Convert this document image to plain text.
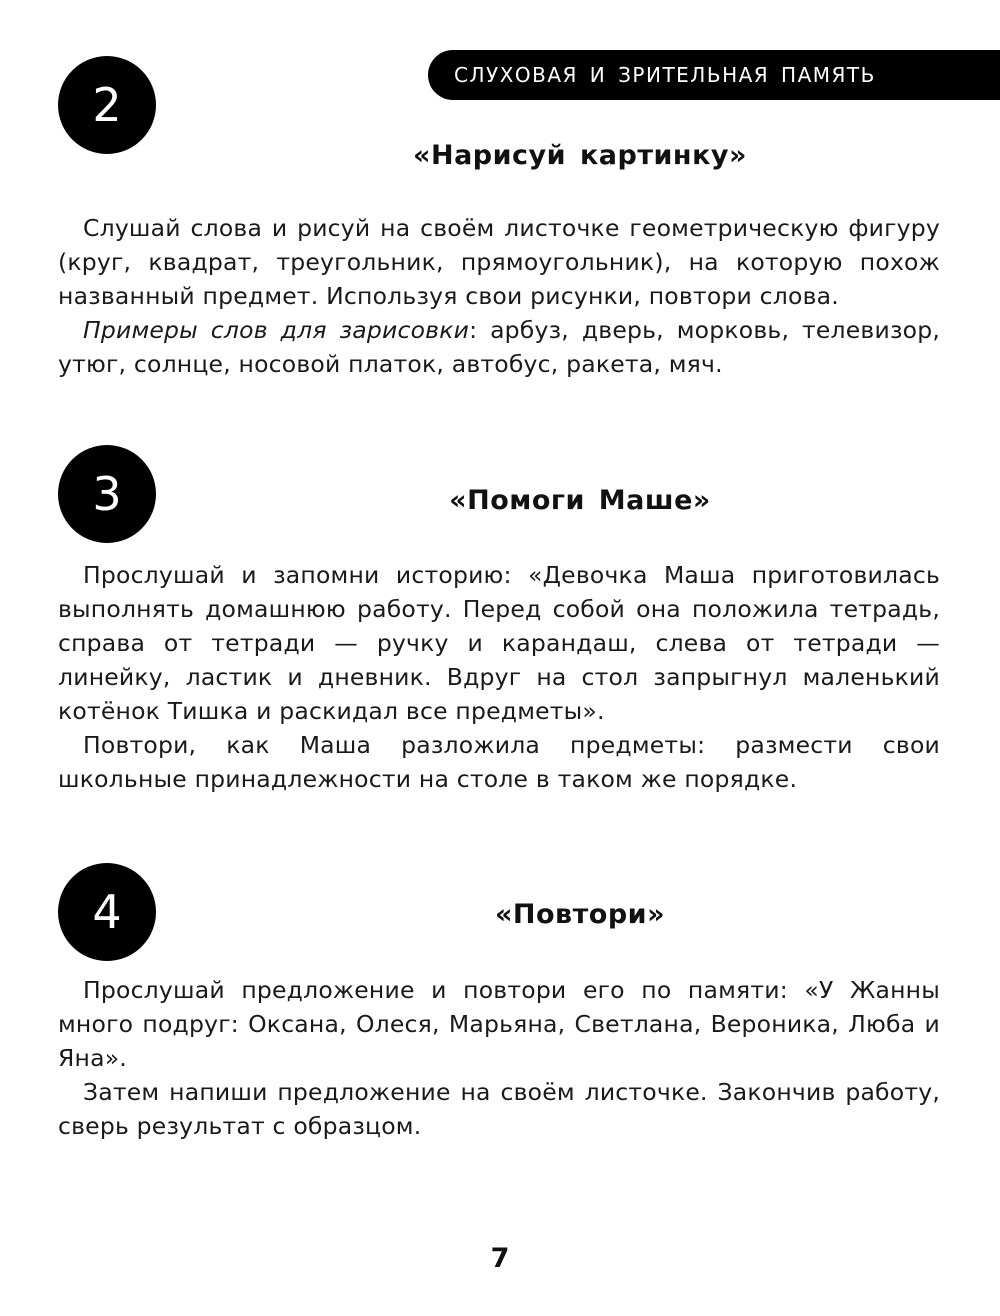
СЛУХОВАЯ И ЗРИТЕЛЬНАЯ ПАМЯТЬ
2
«Нарисуй картинку»

Слушай слова и рисуй на своём листочке геометрическую фигуру (круг, квадрат, треугольник, прямоугольник), на которую похож названный предмет. Используя свои рисунки, повтори слова.

Примеры слов для зарисовки: арбуз, дверь, морковь, телевизор, утюг, солнце, носовой платок, автобус, ракета, мяч.

3	«Помоги Маше»

Прослушай и запомни историю: «Девочка Маша приготовилась выполнять домашнюю работу. Перед собой она положила тетрадь, справа от тетради — ручку и карандаш, слева от тетради — линейку, ластик и дневник. Вдруг на стол запрыгнул маленький котёнок Тишка и раскидал все предметы».

Повтори, как Маша разложила предметы: размести свои школьные принадлежности на столе в таком же порядке.

4	«Повтори»

Прослушай предложение и повтори его по памяти: «У Жанны много подруг: Оксана, Олеся, Марьяна, Светлана, Вероника, Люба и Яна».

Затем напиши предложение на своём листочке. Закончив работу, сверь результат с образцом.

7
